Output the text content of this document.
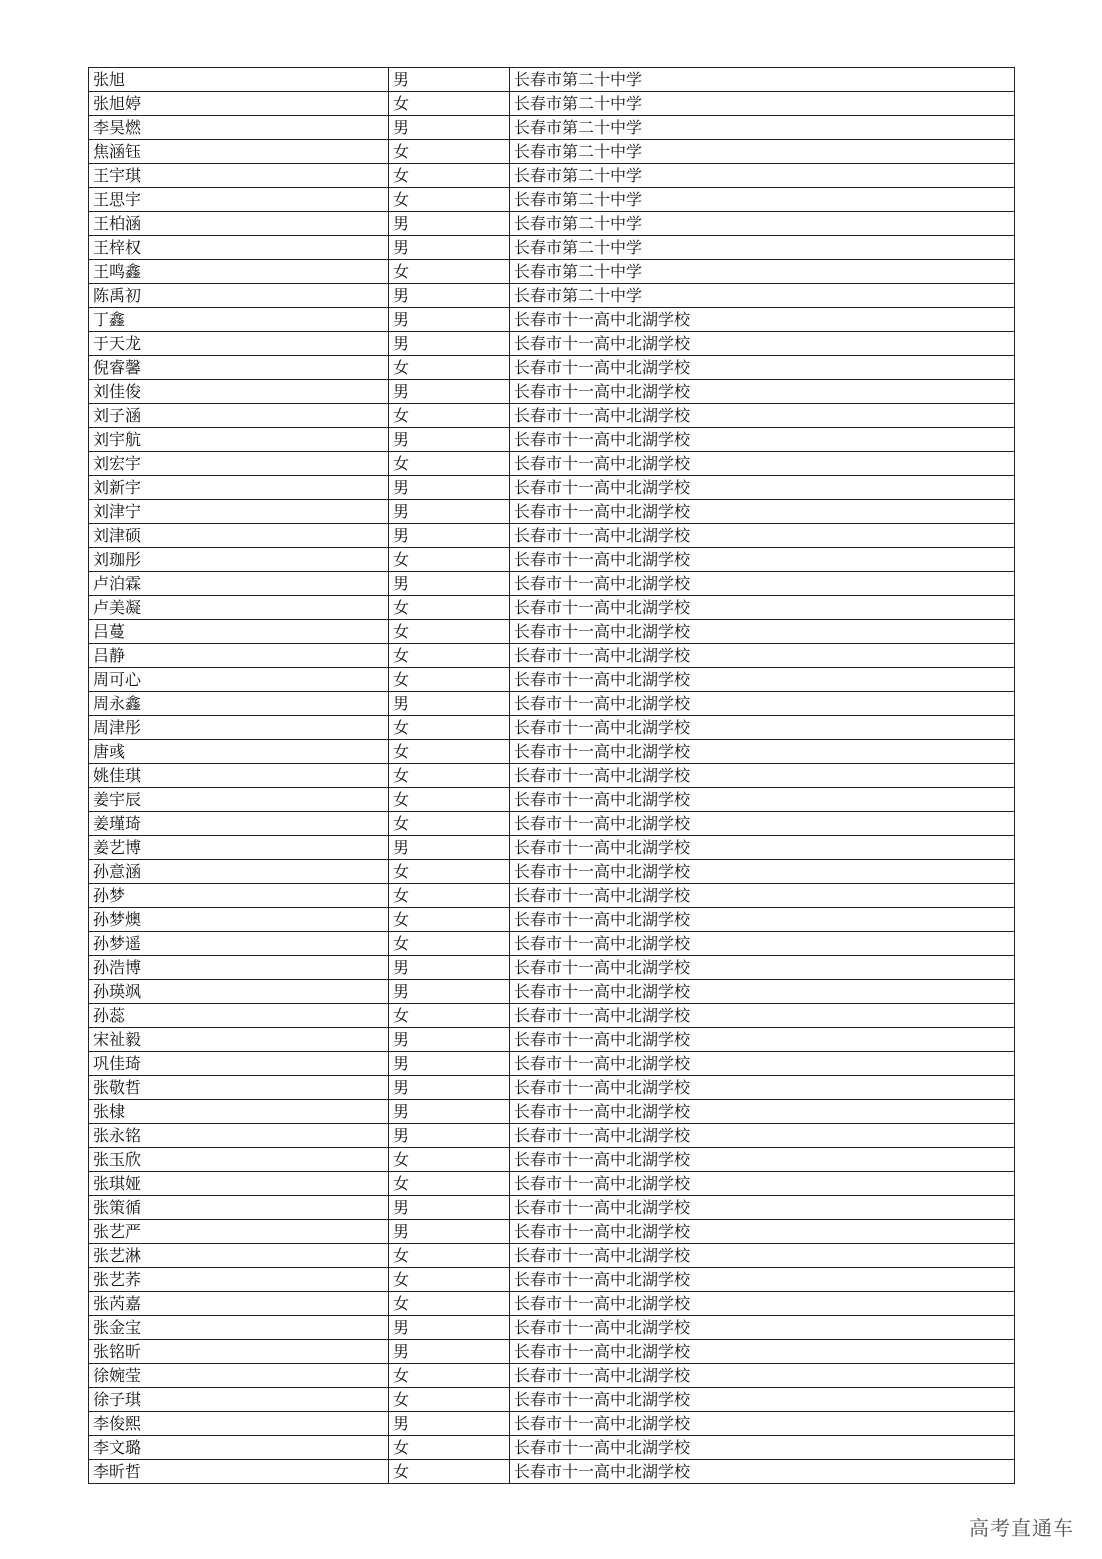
张旭	男	长春市第二十中学
张旭婷	女	长春市第二十中学
李昊燃	男	长春市第二十中学
焦涵钰	女	长春市第二十中学
王宇琪	女	长春市第二十中学
王思宇	女	长春市第二十中学
王柏涵	男	长春市第二十中学
王梓权	男	长春市第二十中学
王鸣鑫	女	长春市第二十中学
陈禹初	男	长春市第二十中学
丁鑫	男	长春市十一高中北湖学校
于天龙	男	长春市十一高中北湖学校
倪睿馨	女	长春市十一高中北湖学校
刘佳俊	男	长春市十一高中北湖学校
刘子涵	女	长春市十一高中北湖学校
刘宇航	男	长春市十一高中北湖学校
刘宏宇	女	长春市十一高中北湖学校
刘新宇	男	长春市十一高中北湖学校
刘津宁	男	长春市十一高中北湖学校
刘津硕	男	长春市十一高中北湖学校
刘珈彤	女	长春市十一高中北湖学校
卢泊霖	男	长春市十一高中北湖学校
卢美凝	女	长春市十一高中北湖学校
吕蔓	女	长春市十一高中北湖学校
吕静	女	长春市十一高中北湖学校
周可心	女	长春市十一高中北湖学校
周永鑫	男	长春市十一高中北湖学校
周津彤	女	长春市十一高中北湖学校
唐彧	女	长春市十一高中北湖学校
姚佳琪	女	长春市十一高中北湖学校
姜宇辰	女	长春市十一高中北湖学校
姜瑾琦	女	长春市十一高中北湖学校
姜艺博	男	长春市十一高中北湖学校
孙意涵	女	长春市十一高中北湖学校
孙梦	女	长春市十一高中北湖学校
孙梦燠	女	长春市十一高中北湖学校
孙梦遥	女	长春市十一高中北湖学校
孙浩博	男	长春市十一高中北湖学校
孙瑛飒	男	长春市十一高中北湖学校
孙蕊	女	长春市十一高中北湖学校
宋祉毅	男	长春市十一高中北湖学校
巩佳琦	男	长春市十一高中北湖学校
张敬哲	男	长春市十一高中北湖学校
张棣	男	长春市十一高中北湖学校
张永铭	男	长春市十一高中北湖学校
张玉欣	女	长春市十一高中北湖学校
张琪娅	女	长春市十一高中北湖学校
张策循	男	长春市十一高中北湖学校
张艺严	男	长春市十一高中北湖学校
张艺淋	女	长春市十一高中北湖学校
张艺荞	女	长春市十一高中北湖学校
张芮嘉	女	长春市十一高中北湖学校
张金宝	男	长春市十一高中北湖学校
张铭昕	男	长春市十一高中北湖学校
徐婉莹	女	长春市十一高中北湖学校
徐子琪	女	长春市十一高中北湖学校
李俊熙	男	长春市十一高中北湖学校
李文璐	女	长春市十一高中北湖学校
李昕哲	女	长春市十一高中北湖学校
高考直通车
